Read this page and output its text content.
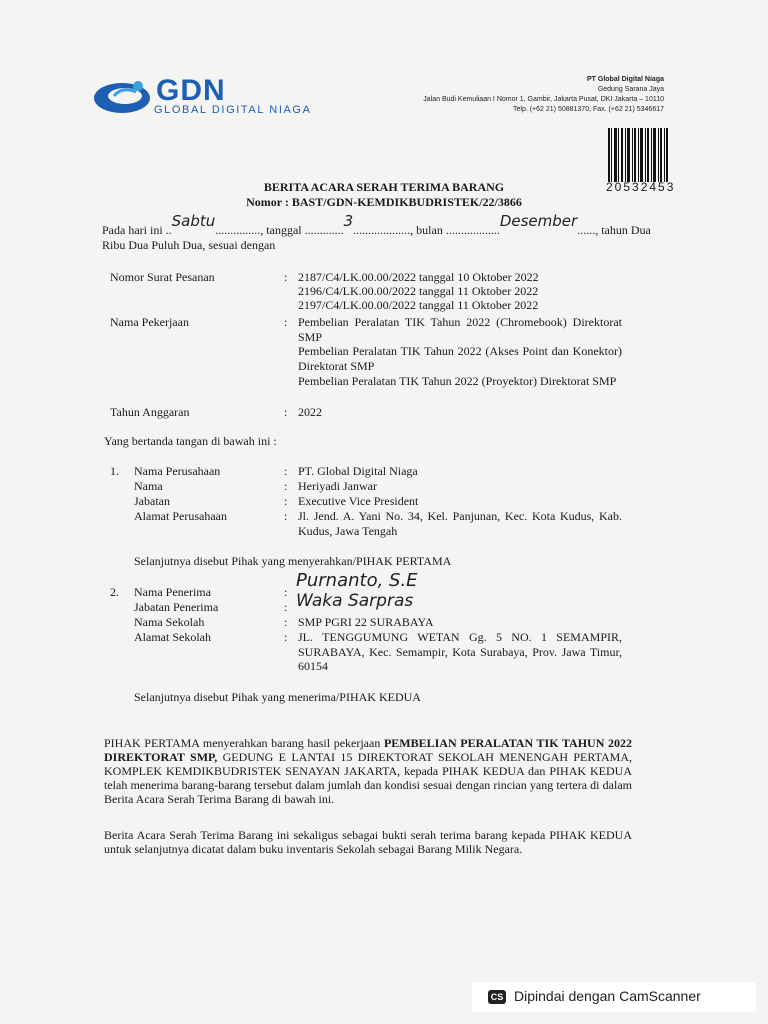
GDN
GLOBAL DIGITAL NIAGA
PT Global Digital Niaga
Gedung Sarana Jaya
Jalan Budi Kemuliaan I Nomor 1, Gambir, Jakarta Pusat, DKI Jakarta – 10110
Telp. (+62 21) 50881370, Fax. (+62 21) 5346617
20532453
BERITA ACARA SERAH TERIMA BARANG
Nomor : BAST/GDN-KEMDIKBUDRISTEK/22/3866
Pada hari ini ..Sabtu..............., tanggal .............3..................., bulan ..................Desember......, tahun Dua
Ribu Dua Puluh Dua, sesuai dengan
Nomor Surat Pesanan	: 2187/C4/LK.00.00/2022 tanggal 10 Oktober 2022
2196/C4/LK.00.00/2022 tanggal 11 Oktober 2022
2197/C4/LK.00.00/2022 tanggal 11 Oktober 2022
Nama Pekerjaan	: Pembelian Peralatan TIK Tahun 2022 (Chromebook) Direktorat SMP
Pembelian Peralatan TIK Tahun 2022 (Akses Point dan Konektor) Direktorat SMP
Pembelian Peralatan TIK Tahun 2022 (Proyektor) Direktorat SMP
Tahun Anggaran	: 2022
Yang bertanda tangan di bawah ini :
1. Nama Perusahaan	: PT. Global Digital Niaga
Nama	: Heriyadi Janwar
Jabatan	: Executive Vice President
Alamat Perusahaan	: Jl. Jend. A. Yani No. 34, Kel. Panjunan, Kec. Kota Kudus, Kab. Kudus, Jawa Tengah
Selanjutnya disebut Pihak yang menyerahkan/PIHAK PERTAMA
2. Nama Penerima	:
Purnanto, S.E
Jabatan Penerima	: Waka Sarpras
Nama Sekolah	: SMP PGRI 22 SURABAYA
Alamat Sekolah	: JL. TENGGUMUNG WETAN Gg. 5 NO. 1 SEMAMPIR, SURABAYA, Kec. Semampir, Kota Surabaya, Prov. Jawa Timur, 60154
Selanjutnya disebut Pihak yang menerima/PIHAK KEDUA
PIHAK PERTAMA menyerahkan barang hasil pekerjaan PEMBELIAN PERALATAN TIK TAHUN 2022 DIREKTORAT SMP, GEDUNG E LANTAI 15 DIREKTORAT SEKOLAH MENENGAH PERTAMA, KOMPLEK KEMDIKBUDRISTEK SENAYAN JAKARTA, kepada PIHAK KEDUA dan PIHAK KEDUA telah menerima barang-barang tersebut dalam jumlah dan kondisi sesuai dengan rincian yang tertera di dalam Berita Acara Serah Terima Barang di bawah ini.
Berita Acara Serah Terima Barang ini sekaligus sebagai bukti serah terima barang kepada PIHAK KEDUA untuk selanjutnya dicatat dalam buku inventaris Sekolah sebagai Barang Milik Negara.
CS Dipindai dengan CamScanner
